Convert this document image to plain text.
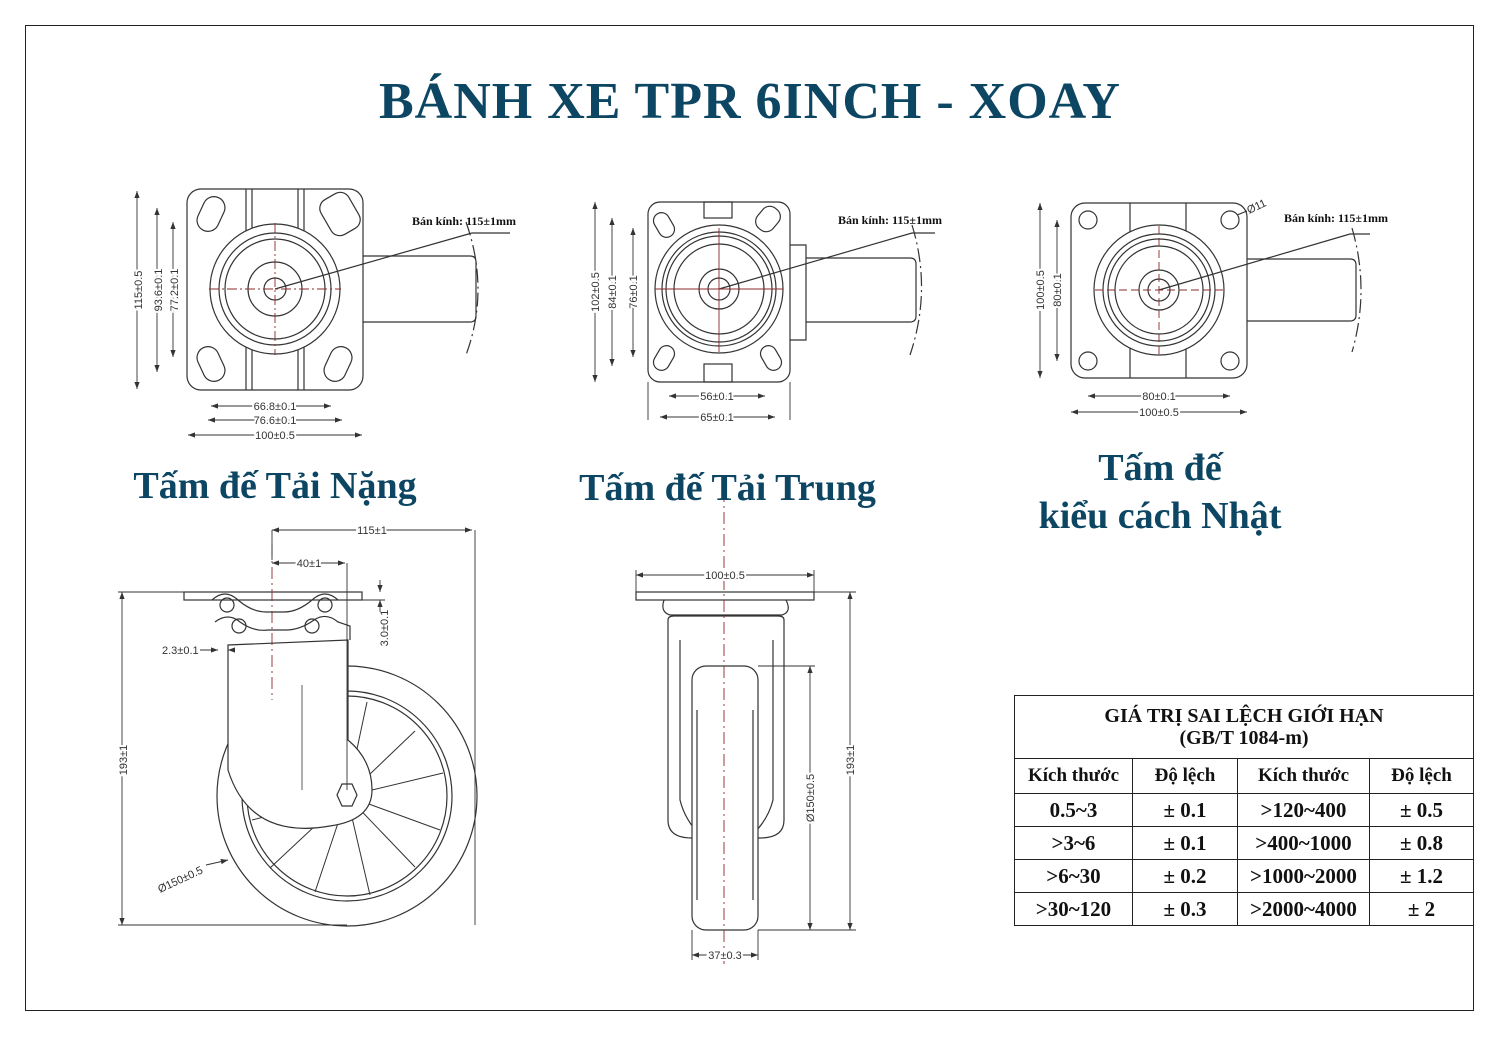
BÁNH XE TPR 6INCH - XOAY
Bán kính: 115±1mm
115±0.5 93.6±0.1 77.2±0.1
66.8±0.1
76.6±0.1
100±0.5
Bán kính: 115±1mm
102±0.5 84±0.1 76±0.1
56±0.1
65±0.1
Bán kính: 115±1mm
Ø11
100±0.5 80±0.1
80±0.1
100±0.5
115±1
40±1
3.0±0.1
2.3±0.1
193±1
Ø150±0.5
100±0.5
Ø150±0.5
193±1
37±0.3
Tấm đế Tải Nặng	Tấm đế Tải Trung	Tấm đế
kiểu cách Nhật
GIÁ TRỊ SAI LỆCH GIỚI HẠN
(GB/T 1084-m)			

Kích thước	Độ lệch	Kích thước	Độ lệch
0.5~3	± 0.1	>120~400	± 0.5
>3~6	± 0.1	>400~1000	± 0.8
>6~30	± 0.2	>1000~2000	± 1.2
>30~120	± 0.3	>2000~4000	± 2
